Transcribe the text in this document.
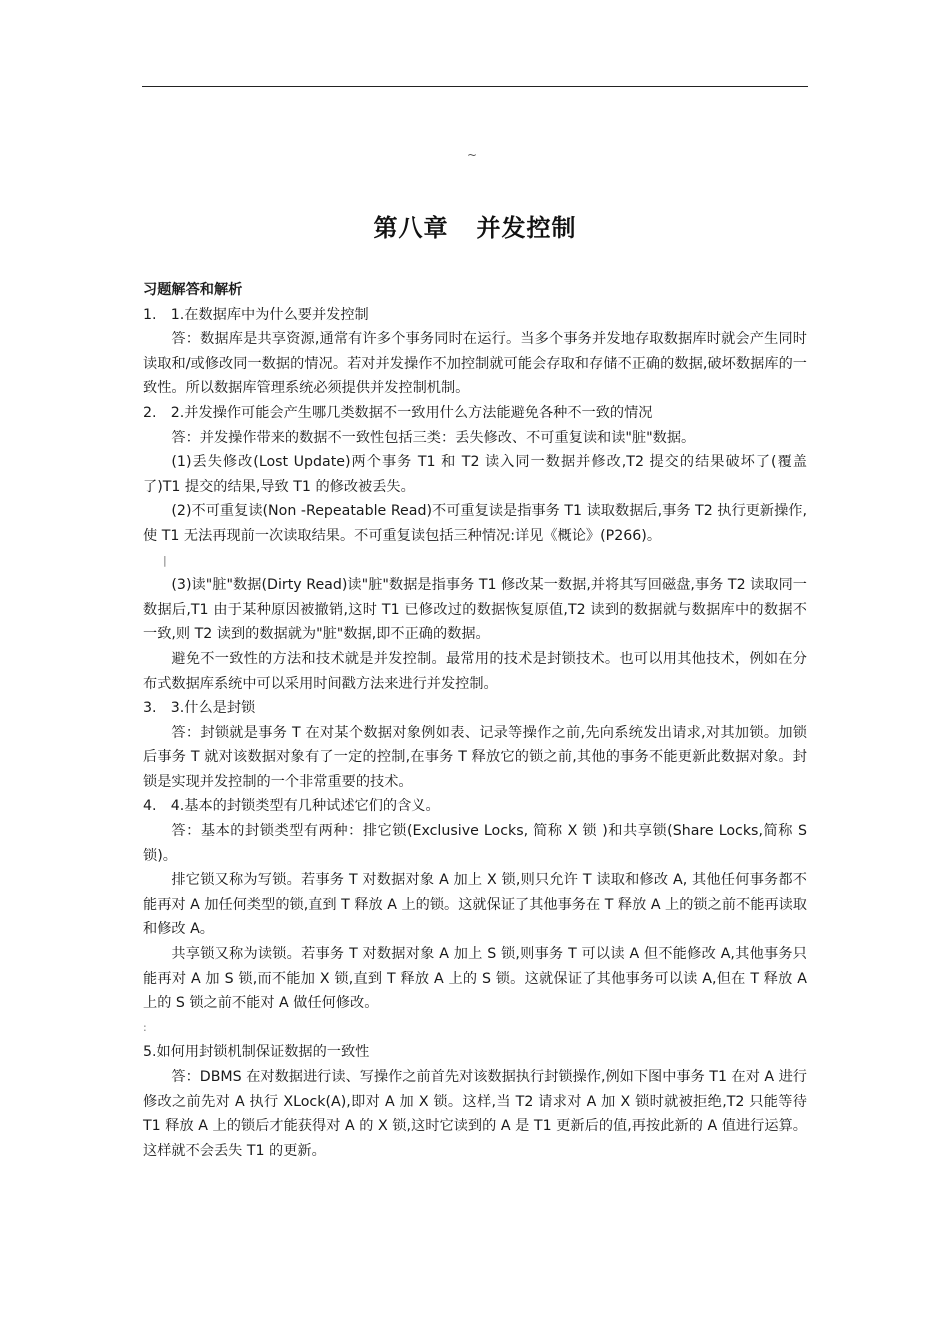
~
第八章 并发控制

习题解答和解析

1.　1.在数据库中为什么要并发控制

答：数据库是共享资源,通常有许多个事务同时在运行。当多个事务并发地存取数据库时就会产生同时读取和/或修改同一数据的情况。若对并发操作不加控制就可能会存取和存储不正确的数据,破坏数据库的一致性。所以数据库管理系统必须提供并发控制机制。

2.　2.并发操作可能会产生哪几类数据不一致用什么方法能避免各种不一致的情况

答：并发操作带来的数据不一致性包括三类：丢失修改、不可重复读和读"脏"数据。

(1)丢失修改(Lost Update)两个事务 T1 和 T2 读入同一数据并修改,T2 提交的结果破坏了(覆盖了)T1 提交的结果,导致 T1 的修改被丢失。

(2)不可重复读(Non -Repeatable Read)不可重复读是指事务 T1 读取数据后,事务 T2 执行更新操作,使 T1 无法再现前一次读取结果。不可重复读包括三种情况:详见《概论》(P266)。

|

(3)读"脏"数据(Dirty Read)读"脏"数据是指事务 T1 修改某一数据,并将其写回磁盘,事务 T2 读取同一数据后,T1 由于某种原因被撤销,这时 T1 已修改过的数据恢复原值,T2 读到的数据就与数据库中的数据不一致,则 T2 读到的数据就为"脏"数据,即不正确的数据。

避免不一致性的方法和技术就是并发控制。最常用的技术是封锁技术。也可以用其他技术，例如在分布式数据库系统中可以采用时间戳方法来进行并发控制。

3.　3.什么是封锁

答：封锁就是事务 T 在对某个数据对象例如表、记录等操作之前,先向系统发出请求,对其加锁。加锁后事务 T 就对该数据对象有了一定的控制,在事务 T 释放它的锁之前,其他的事务不能更新此数据对象。封锁是实现并发控制的一个非常重要的技术。

4.　4.基本的封锁类型有几种试述它们的含义。

答：基本的封锁类型有两种：排它锁(Exclusive Locks, 简称 X 锁 )和共享锁(Share Locks,简称 S 锁)。

排它锁又称为写锁。若事务 T 对数据对象 A 加上 X 锁,则只允许 T 读取和修改 A, 其他任何事务都不能再对 A 加任何类型的锁,直到 T 释放 A 上的锁。这就保证了其他事务在 T 释放 A 上的锁之前不能再读取和修改 A。

共享锁又称为读锁。若事务 T 对数据对象 A 加上 S 锁,则事务 T 可以读 A 但不能修改 A,其他事务只能再对 A 加 S 锁,而不能加 X 锁,直到 T 释放 A 上的 S 锁。这就保证了其他事务可以读 A,但在 T 释放 A 上的 S 锁之前不能对 A 做任何修改。

:

5.如何用封锁机制保证数据的一致性

答：DBMS 在对数据进行读、写操作之前首先对该数据执行封锁操作,例如下图中事务 T1 在对 A 进行修改之前先对 A 执行 XLock(A),即对 A 加 X 锁。这样,当 T2 请求对 A 加 X 锁时就被拒绝,T2 只能等待 T1 释放 A 上的锁后才能获得对 A 的 X 锁,这时它读到的 A 是 T1 更新后的值,再按此新的 A 值进行运算。这样就不会丢失 T1 的更新。
